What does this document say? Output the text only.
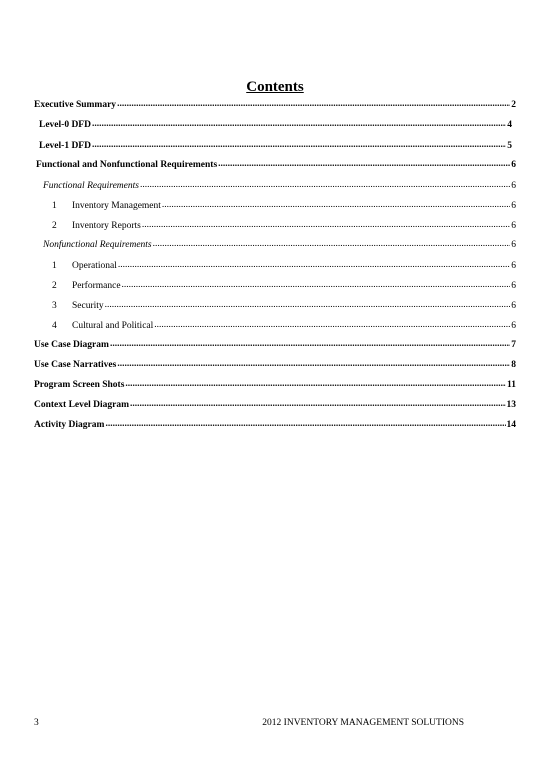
Contents
Executive Summary .....	2
Level-0 DFD .....	4
Level-1 DFD .....	5
Functional and Nonfunctional Requirements .....	6
Functional Requirements .....	6
1	Inventory Management .....	6
2	Inventory Reports .....	6
Nonfunctional Requirements .....	6
1	Operational .....	6
2	Performance .....	6
3	Security .....	6
4	Cultural and Political .....	6
Use Case Diagram .....	7
Use Case Narratives .....	8
Program Screen Shots .....	11
Context Level Diagram .....	13
Activity Diagram .....	14
3	2012 INVENTORY MANAGEMENT SOLUTIONS
